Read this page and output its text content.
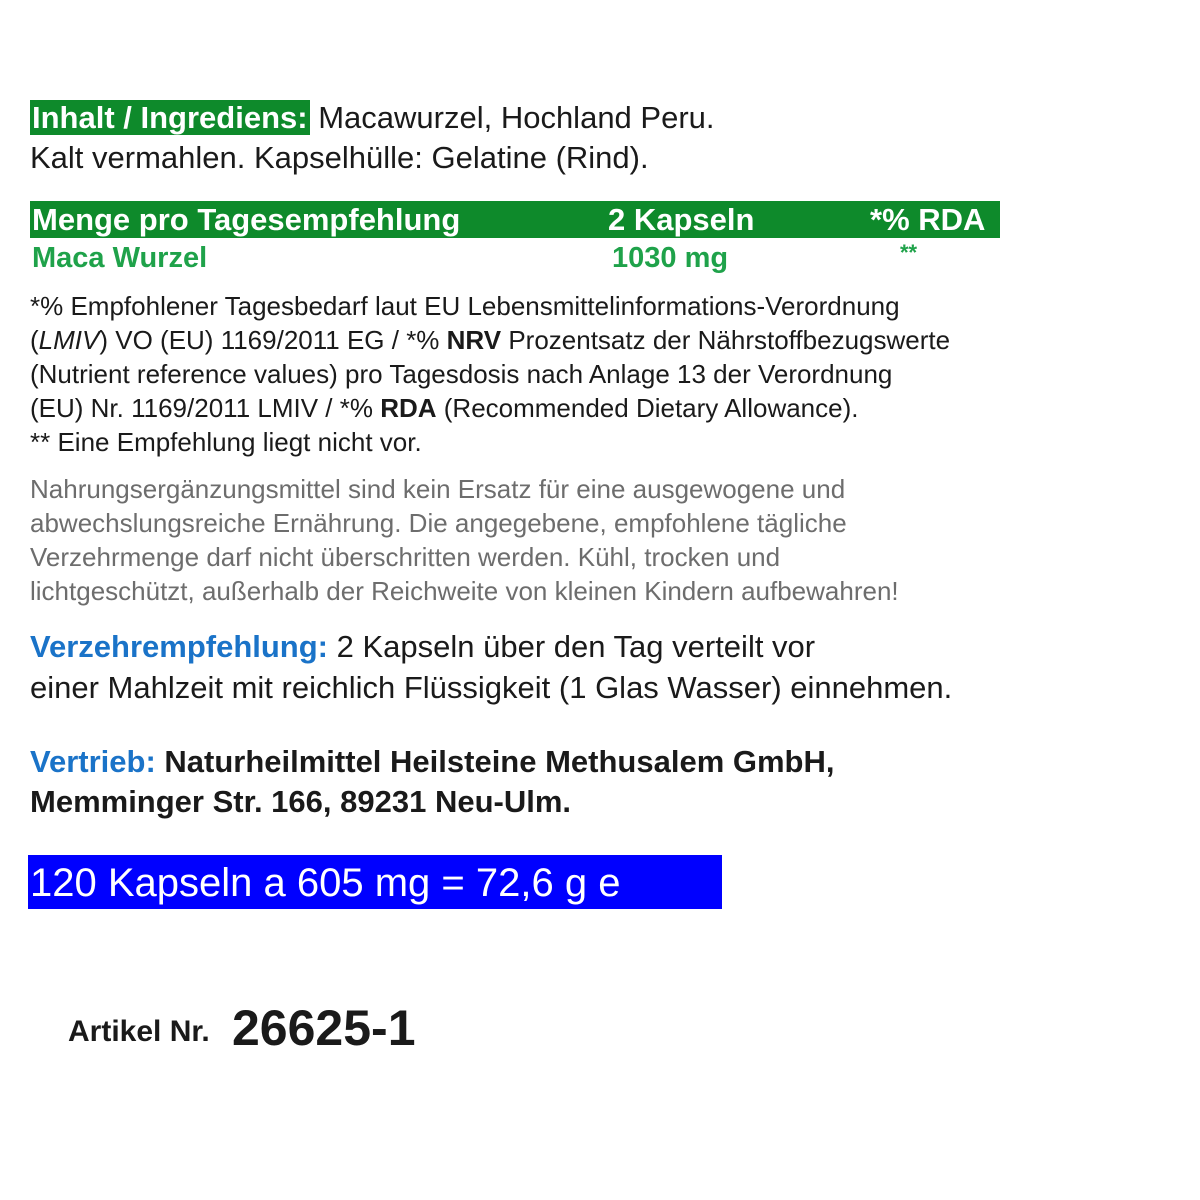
Inhalt / Ingrediens: Macawurzel, Hochland Peru.
Kalt vermahlen. Kapselhülle: Gelatine (Rind).
Menge pro Tagesempfehlung	2 Kapseln	*% RDA
Maca Wurzel	1030 mg	**
*% Empfohlener Tagesbedarf laut EU Lebensmittelinformations-Verordnung
(LMIV) VO (EU) 1169/2011 EG / *% NRV Prozentsatz der Nährstoffbezugswerte
(Nutrient reference values) pro Tagesdosis nach Anlage 13 der Verordnung
(EU) Nr. 1169/2011 LMIV / *% RDA (Recommended Dietary Allowance).
** Eine Empfehlung liegt nicht vor.
Nahrungsergänzungsmittel sind kein Ersatz für eine ausgewogene und
abwechslungsreiche Ernährung. Die angegebene, empfohlene tägliche
Verzehrmenge darf nicht überschritten werden. Kühl, trocken und
lichtgeschützt, außerhalb der Reichweite von kleinen Kindern aufbewahren!
Verzehrempfehlung: 2 Kapseln über den Tag verteilt vor
einer Mahlzeit mit reichlich Flüssigkeit (1 Glas Wasser) einnehmen.
Vertrieb: Naturheilmittel Heilsteine Methusalem GmbH,
Memminger Str. 166, 89231 Neu-Ulm.
120 Kapseln a 605 mg = 72,6 g e
Artikel Nr. 26625-1
